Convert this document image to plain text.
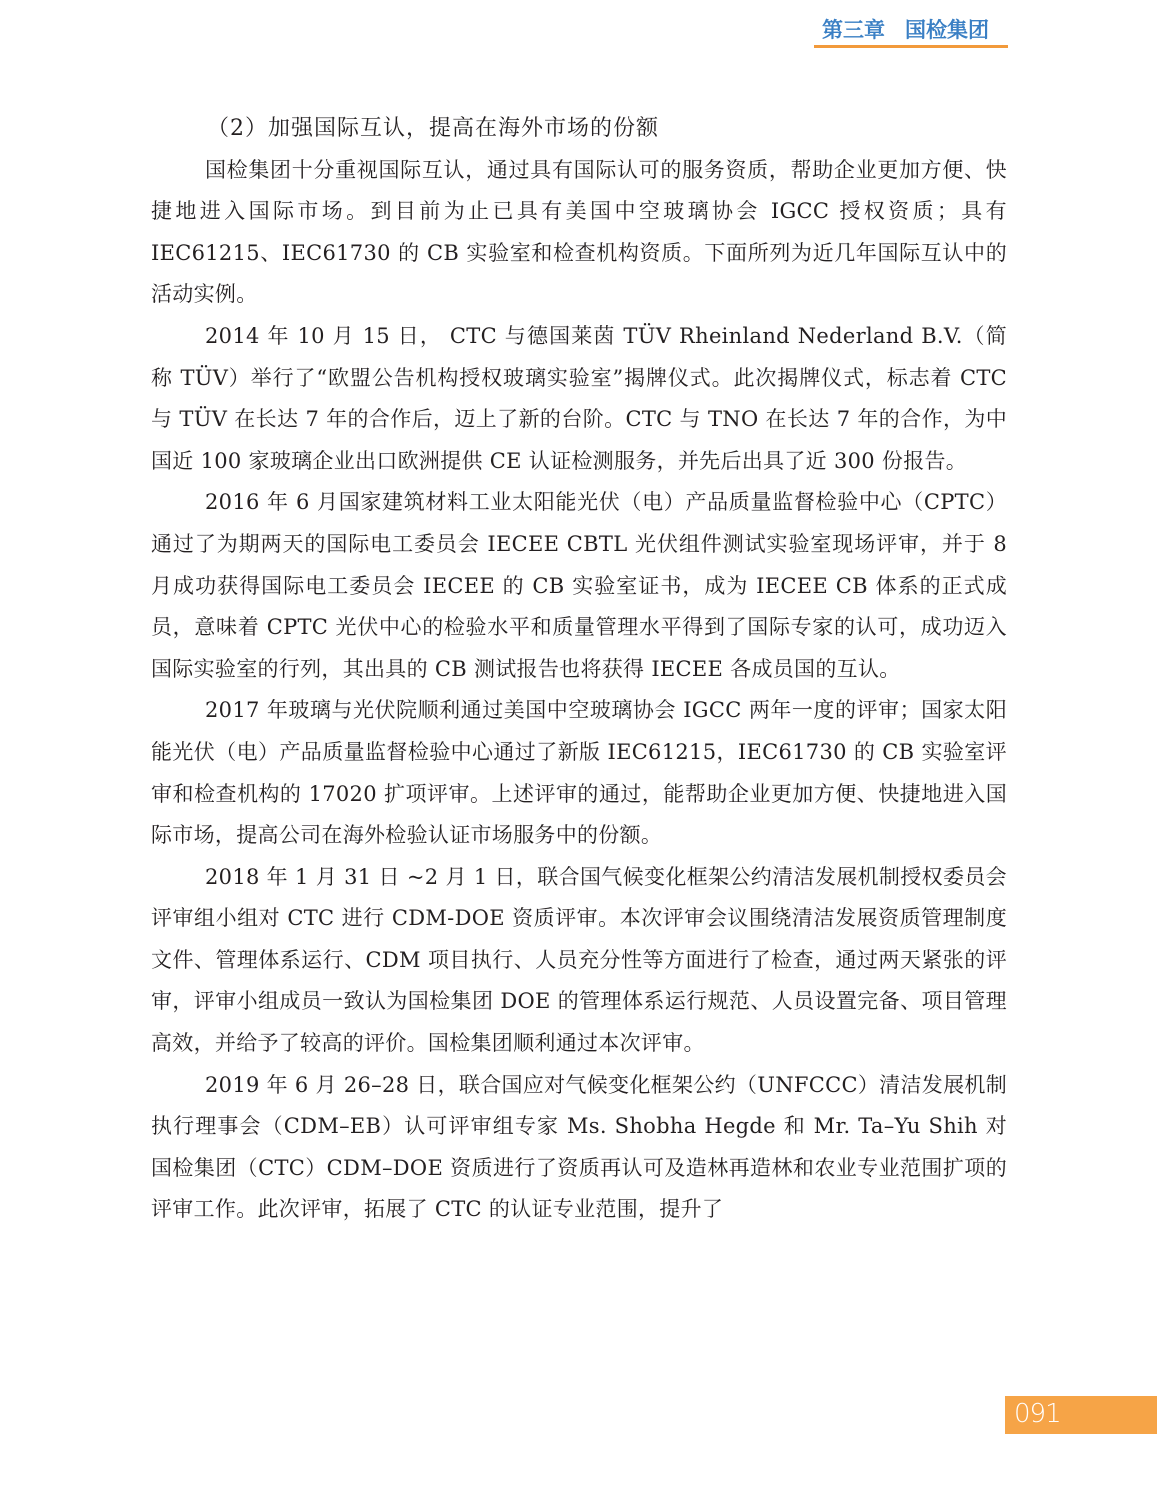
第三章 国检集团

（2）加强国际互认，提高在海外市场的份额

国检集团十分重视国际互认，通过具有国际认可的服务资质，帮助企业更加方便、快捷地进入国际市场。到目前为止已具有美国中空玻璃协会 IGCC 授权资质；具有 IEC61215、IEC61730 的 CB 实验室和检查机构资质。下面所列为近几年国际互认中的活动实例。

2014 年 10 月 15 日， CTC 与德国莱茵 TÜV Rheinland Nederland B.V.（简称 TÜV）举行了“欧盟公告机构授权玻璃实验室”揭牌仪式。此次揭牌仪式，标志着 CTC 与 TÜV 在长达 7 年的合作后，迈上了新的台阶。CTC 与 TNO 在长达 7 年的合作，为中国近 100 家玻璃企业出口欧洲提供 CE 认证检测服务，并先后出具了近 300 份报告。

2016 年 6 月国家建筑材料工业太阳能光伏（电）产品质量监督检验中心（CPTC）通过了为期两天的国际电工委员会 IECEE CBTL 光伏组件测试实验室现场评审，并于 8 月成功获得国际电工委员会 IECEE 的 CB 实验室证书，成为 IECEE CB 体系的正式成员，意味着 CPTC 光伏中心的检验水平和质量管理水平得到了国际专家的认可，成功迈入国际实验室的行列，其出具的 CB 测试报告也将获得 IECEE 各成员国的互认。

2017 年玻璃与光伏院顺利通过美国中空玻璃协会 IGCC 两年一度的评审；国家太阳能光伏（电）产品质量监督检验中心通过了新版 IEC61215，IEC61730 的 CB 实验室评审和检查机构的 17020 扩项评审。上述评审的通过，能帮助企业更加方便、快捷地进入国际市场，提高公司在海外检验认证市场服务中的份额。

2018 年 1 月 31 日 ~2 月 1 日，联合国气候变化框架公约清洁发展机制授权委员会评审组小组对 CTC 进行 CDM-DOE 资质评审。本次评审会议围绕清洁发展资质管理制度文件、管理体系运行、CDM 项目执行、人员充分性等方面进行了检查，通过两天紧张的评审，评审小组成员一致认为国检集团 DOE 的管理体系运行规范、人员设置完备、项目管理高效，并给予了较高的评价。国检集团顺利通过本次评审。

2019 年 6 月 26–28 日，联合国应对气候变化框架公约（UNFCCC）清洁发展机制执行理事会（CDM–EB）认可评审组专家 Ms. Shobha Hegde 和 Mr. Ta–Yu Shih 对国检集团（CTC）CDM–DOE 资质进行了资质再认可及造林再造林和农业专业范围扩项的评审工作。此次评审，拓展了 CTC 的认证专业范围，提升了

091
